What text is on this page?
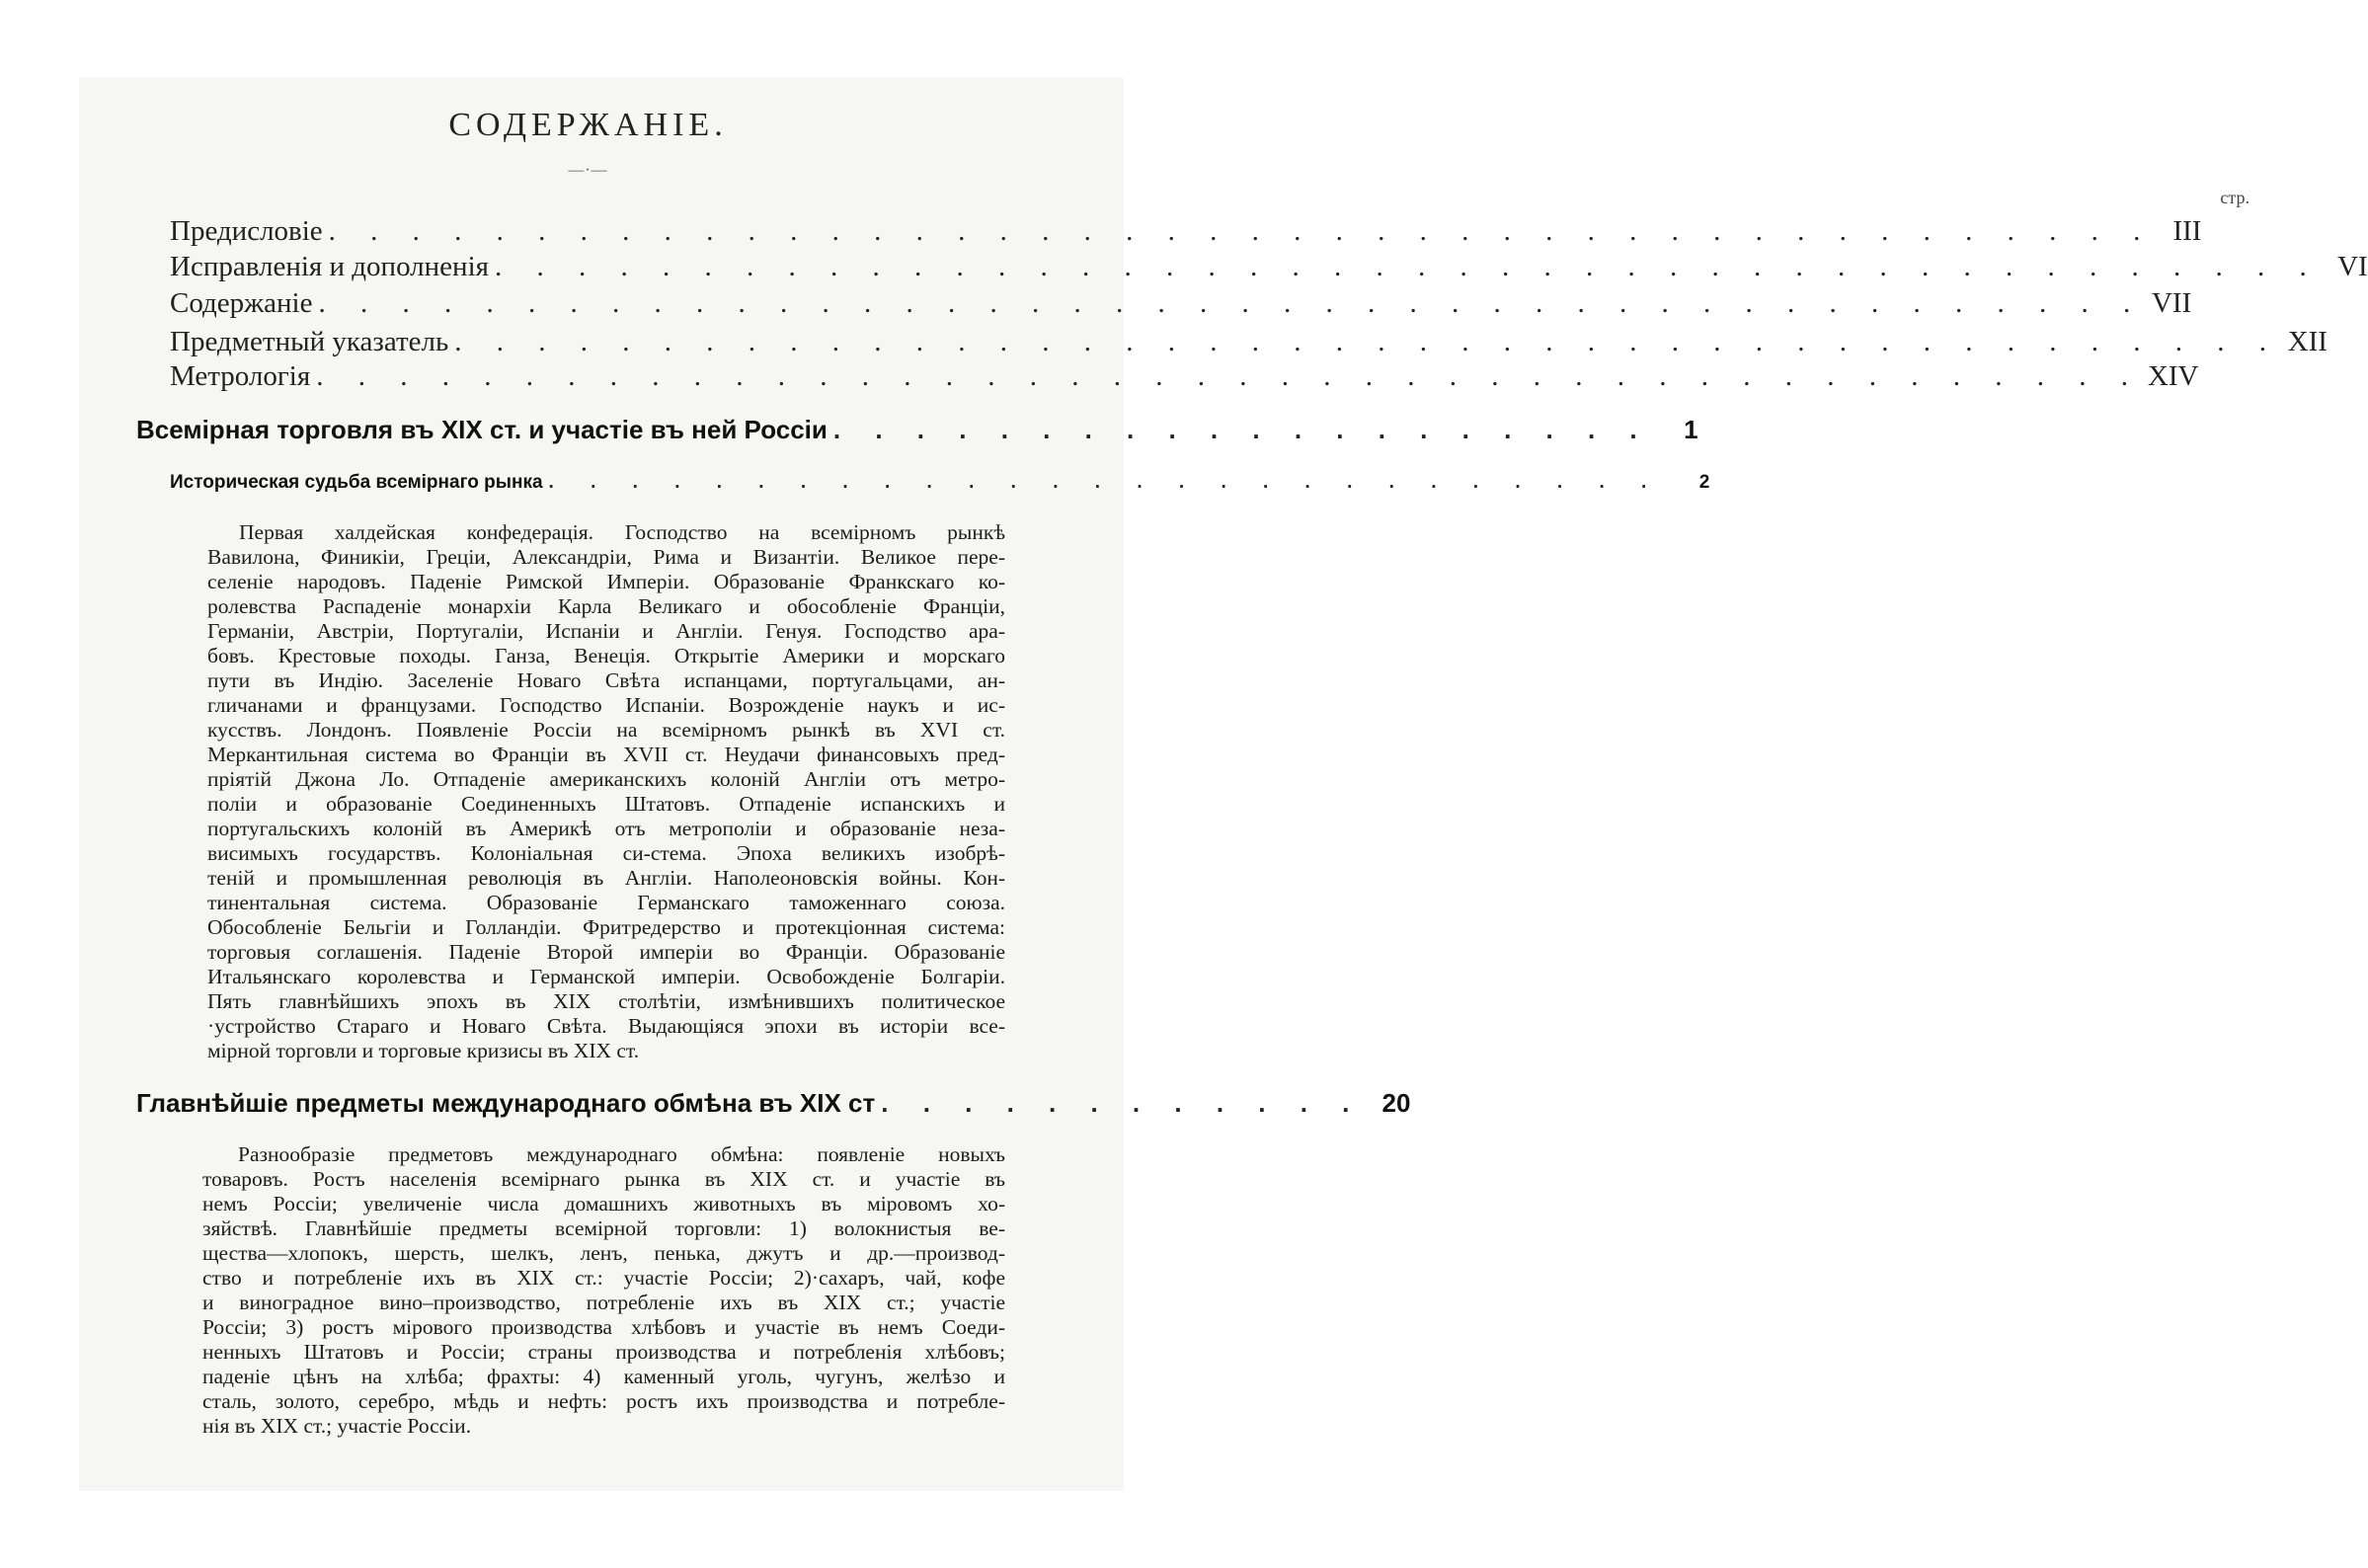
СОДЕРЖАНІЕ.
—·—
стр.
Предисловіе . . . . . . . . . . . . . . . . . . . . . . . . . . . . . . . . . . . . . . . . . . . . III
Исправленія и дополненія . . . . . . . . . . . . . . . . . . . . . . . . . . . . . . . . . . . . . . . . . . . . VI
Содержаніе . . . . . . . . . . . . . . . . . . . . . . . . . . . . . . . . . . . . . . . . . . . . VII
Предметный указатель . . . . . . . . . . . . . . . . . . . . . . . . . . . . . . . . . . . . . . . . . . . . XII
Метрологія . . . . . . . . . . . . . . . . . . . . . . . . . . . . . . . . . . . . . . . . . . . . XIV
Всемірная торговля въ XIX ст. и участіе въ ней Россіи . . . . . . . . . . . . . . . . . . . .	1
Историческая судьба всемірнаго рынка . . . . . . . . . . . . . . . . . . . . . . . . . . .	2
Первая халдейская конфедерація. Господство на всемірномъ рынкѣ
Вавилона, Финикіи, Греціи, Александріи, Рима и Византіи. Великое пере-
селеніе народовъ. Паденіе Римской Имперіи. Образованіе Франкскаго ко-
ролевства Распаденіе монархіи Карла Великаго и обособленіе Франціи,
Германіи, Австріи, Португаліи, Испаніи и Англіи. Генуя. Господство ара-
бовъ. Крестовые походы. Ганза, Венеція. Открытіе Америки и морскаго
пути въ Индію. Заселеніе Новаго Свѣта испанцами, португальцами, ан-
гличанами и французами. Господство Испаніи. Возрожденіе наукъ и ис-
кусствъ. Лондонъ. Появленіе Россіи на всемірномъ рынкѣ въ XVI ст.
Меркантильная система во Франціи въ XVII ст. Неудачи финансовыхъ пред-
пріятій Джона Ло. Отпаденіе американскихъ колоній Англіи отъ метро-
поліи и образованіе Соединенныхъ Штатовъ. Отпаденіе испанскихъ и
португальскихъ колоній въ Америкѣ отъ метрополіи и образованіе неза-
висимыхъ государствъ. Колоніальная си-стема. Эпоха великихъ изобрѣ-
теній и промышленная революція въ Англіи. Наполеоновскія войны. Кон-
тинентальная система. Образованіе Германскаго таможеннаго союза.
Обособленіе Бельгіи и Голландіи. Фритредерство и протекціонная система:
торговыя соглашенія. Паденіе Второй имперіи во Франціи. Образованіе
Итальянскаго королевства и Германской имперіи. Освобожденіе Болгаріи.
Пять главнѣйшихъ эпохъ въ XIX столѣтіи, измѣнившихъ политическое
·устройство Стараго и Новаго Свѣта. Выдающіяся эпохи въ исторіи все-
мірной торговли и торговые кризисы въ XIX ст.
Главнѣйшіе предметы международнаго обмѣна въ XIX ст . . . . . . . . . . . . 20
Разнообразіе предметовъ международнаго обмѣна: появленіе новыхъ
товаровъ. Ростъ населенія всемірнаго рынка въ XIX ст. и участіе въ
немъ Россіи; увеличеніе числа домашнихъ животныхъ въ міровомъ хо-
зяйствѣ. Главнѣйшіе предметы всемірной торговли: 1) волокнистыя ве-
щества—хлопокъ, шерсть, шелкъ, ленъ, пенька, джутъ и др.—производ-
ство и потребленіе ихъ въ XIX ст.: участіе Россіи; 2)·сахаръ, чай, кофе
и виноградное вино–производство, потребленіе ихъ въ XIX ст.; участіе
Россіи; 3) ростъ мірового производства хлѣбовъ и участіе въ немъ Соеди-
ненныхъ Штатовъ и Россіи; страны производства и потребленія хлѣбовъ;
паденіе цѣнъ на хлѣба; фрахты: 4) каменный уголь, чугунъ, желѣзо и
сталь, золото, серебро, мѣдь и нефть: ростъ ихъ производства и потребле-
нія въ XIX ст.; участіе Россіи.
